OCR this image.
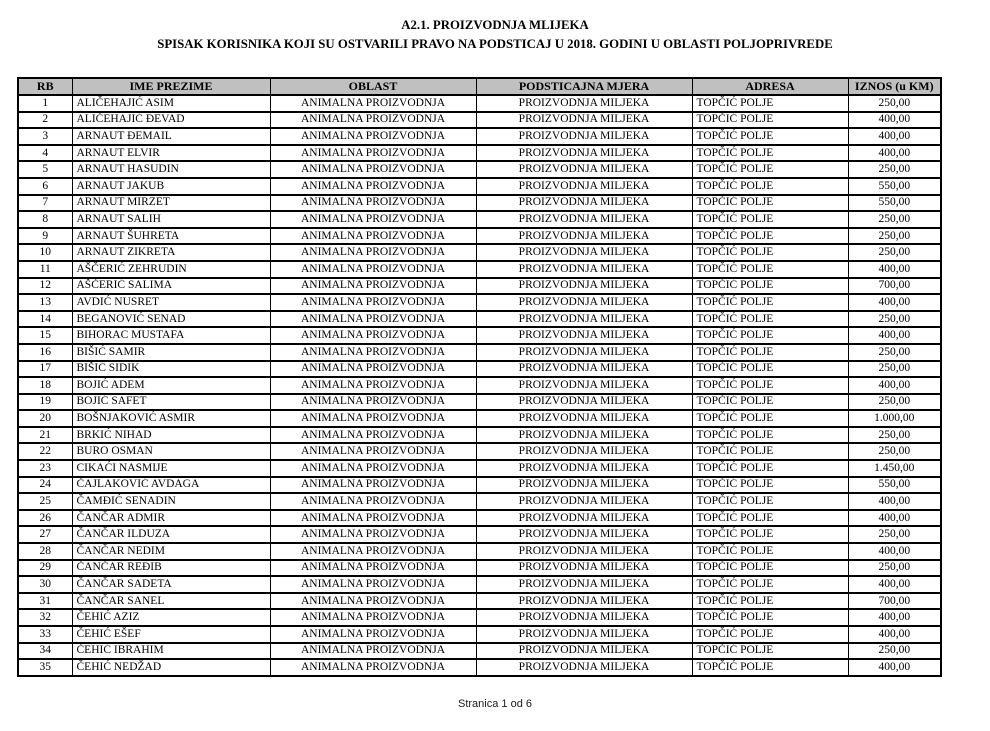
A2.1. PROIZVODNJA MLIJEKA
SPISAK KORISNIKA KOJI SU OSTVARILI PRAVO NA PODSTICAJ U 2018. GODINI U OBLASTI POLJOPRIVREDE
RB	IME PREZIME	OBLAST	PODSTICAJNA MJERA	ADRESA	IZNOS (u KM)
1	ALIČEHAJIĆ ASIM	ANIMALNA PROIZVODNJA	PROIZVODNJA MILJEKA	TOPČIĆ POLJE	250,00
2	ALIČEHAJIĆ ĐEVAD	ANIMALNA PROIZVODNJA	PROIZVODNJA MILJEKA	TOPČIĆ POLJE	400,00
3	ARNAUT ĐEMAIL	ANIMALNA PROIZVODNJA	PROIZVODNJA MILJEKA	TOPČIĆ POLJE	400,00
4	ARNAUT ELVIR	ANIMALNA PROIZVODNJA	PROIZVODNJA MILJEKA	TOPČIĆ POLJE	400,00
5	ARNAUT HASUDIN	ANIMALNA PROIZVODNJA	PROIZVODNJA MILJEKA	TOPČIĆ POLJE	250,00
6	ARNAUT JAKUB	ANIMALNA PROIZVODNJA	PROIZVODNJA MILJEKA	TOPČIĆ POLJE	550,00
7	ARNAUT MIRZET	ANIMALNA PROIZVODNJA	PROIZVODNJA MILJEKA	TOPČIĆ POLJE	550,00
8	ARNAUT SALIH	ANIMALNA PROIZVODNJA	PROIZVODNJA MILJEKA	TOPČIĆ POLJE	250,00
9	ARNAUT ŠUHRETA	ANIMALNA PROIZVODNJA	PROIZVODNJA MILJEKA	TOPČIĆ POLJE	250,00
10	ARNAUT ZIKRETA	ANIMALNA PROIZVODNJA	PROIZVODNJA MILJEKA	TOPČIĆ POLJE	250,00
11	AŠČERIĆ ZEHRUDIN	ANIMALNA PROIZVODNJA	PROIZVODNJA MILJEKA	TOPČIĆ POLJE	400,00
12	AŠČERIĆ SALIMA	ANIMALNA PROIZVODNJA	PROIZVODNJA MILJEKA	TOPČIĆ POLJE	700,00
13	AVDIĆ NUSRET	ANIMALNA PROIZVODNJA	PROIZVODNJA MILJEKA	TOPČIĆ POLJE	400,00
14	BEGANOVIĆ SENAD	ANIMALNA PROIZVODNJA	PROIZVODNJA MILJEKA	TOPČIĆ POLJE	250,00
15	BIHORAC MUSTAFA	ANIMALNA PROIZVODNJA	PROIZVODNJA MILJEKA	TOPČIĆ POLJE	400,00
16	BIŠIĆ SAMIR	ANIMALNA PROIZVODNJA	PROIZVODNJA MILJEKA	TOPČIĆ POLJE	250,00
17	BIŠIĆ SIDIK	ANIMALNA PROIZVODNJA	PROIZVODNJA MILJEKA	TOPČIĆ POLJE	250,00
18	BOJIĆ ADEM	ANIMALNA PROIZVODNJA	PROIZVODNJA MILJEKA	TOPČIĆ POLJE	400,00
19	BOJIĆ SAFET	ANIMALNA PROIZVODNJA	PROIZVODNJA MILJEKA	TOPČIĆ POLJE	250,00
20	BOŠNJAKOVIĆ ASMIR	ANIMALNA PROIZVODNJA	PROIZVODNJA MILJEKA	TOPČIĆ POLJE	1.000,00
21	BRKIĆ NIHAD	ANIMALNA PROIZVODNJA	PROIZVODNJA MILJEKA	TOPČIĆ POLJE	250,00
22	BURO OSMAN	ANIMALNA PROIZVODNJA	PROIZVODNJA MILJEKA	TOPČIĆ POLJE	250,00
23	CIKAĆI NASMIJE	ANIMALNA PROIZVODNJA	PROIZVODNJA MILJEKA	TOPČIĆ POLJE	1.450,00
24	ČAJLAKOVIĆ AVDAGA	ANIMALNA PROIZVODNJA	PROIZVODNJA MILJEKA	TOPČIĆ POLJE	550,00
25	ČAMĐIĆ SENADIN	ANIMALNA PROIZVODNJA	PROIZVODNJA MILJEKA	TOPČIĆ POLJE	400,00
26	ČANČAR ADMIR	ANIMALNA PROIZVODNJA	PROIZVODNJA MILJEKA	TOPČIĆ POLJE	400,00
27	ČANČAR ILDUZA	ANIMALNA PROIZVODNJA	PROIZVODNJA MILJEKA	TOPČIĆ POLJE	250,00
28	ČANČAR NEDIM	ANIMALNA PROIZVODNJA	PROIZVODNJA MILJEKA	TOPČIĆ POLJE	400,00
29	ČANČAR REĐIB	ANIMALNA PROIZVODNJA	PROIZVODNJA MILJEKA	TOPČIĆ POLJE	250,00
30	ČANČAR SADETA	ANIMALNA PROIZVODNJA	PROIZVODNJA MILJEKA	TOPČIĆ POLJE	400,00
31	ČANČAR SANEL	ANIMALNA PROIZVODNJA	PROIZVODNJA MILJEKA	TOPČIĆ POLJE	700,00
32	ČEHIĆ AZIZ	ANIMALNA PROIZVODNJA	PROIZVODNJA MILJEKA	TOPČIĆ POLJE	400,00
33	ČEHIĆ EŠEF	ANIMALNA PROIZVODNJA	PROIZVODNJA MILJEKA	TOPČIĆ POLJE	400,00
34	ČEHIĆ IBRAHIM	ANIMALNA PROIZVODNJA	PROIZVODNJA MILJEKA	TOPČIĆ POLJE	250,00
35	ČEHIĆ NEDŽAD	ANIMALNA PROIZVODNJA	PROIZVODNJA MILJEKA	TOPČIĆ POLJE	400,00
Stranica 1 od 6
